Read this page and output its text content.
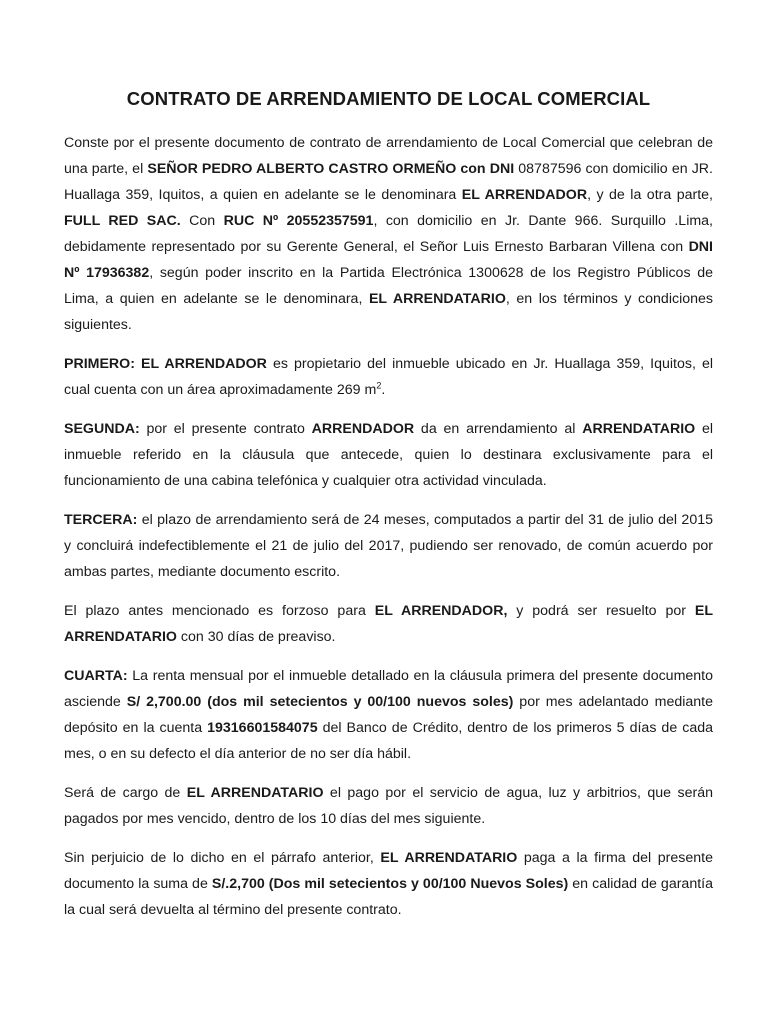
CONTRATO DE ARRENDAMIENTO DE LOCAL COMERCIAL

Conste por el presente documento de contrato de arrendamiento de Local Comercial que celebran de una parte, el SEÑOR PEDRO ALBERTO CASTRO ORMEÑO con DNI 08787596 con domicilio en JR. Huallaga 359, Iquitos, a quien en adelante se le denominara EL ARRENDADOR, y de la otra parte, FULL RED SAC. Con RUC Nº 20552357591, con domicilio en Jr. Dante 966. Surquillo .Lima, debidamente representado por su Gerente General, el Señor Luis Ernesto Barbaran Villena con DNI Nº 17936382, según poder inscrito en la Partida Electrónica 1300628 de los Registro Públicos de Lima, a quien en adelante se le denominara, EL ARRENDATARIO, en los términos y condiciones siguientes.

PRIMERO: EL ARRENDADOR es propietario del inmueble ubicado en Jr. Huallaga 359, Iquitos, el cual cuenta con un área aproximadamente 269 $m^2$.

SEGUNDA: por el presente contrato ARRENDADOR da en arrendamiento al ARRENDATARIO el inmueble referido en la cláusula que antecede, quien lo destinara exclusivamente para el funcionamiento de una cabina telefónica y cualquier otra actividad vinculada.

TERCERA: el plazo de arrendamiento será de 24 meses, computados a partir del 31 de julio del 2015 y concluirá indefectiblemente el 21 de julio del 2017, pudiendo ser renovado, de común acuerdo por ambas partes, mediante documento escrito.

El plazo antes mencionado es forzoso para EL ARRENDADOR, y podrá ser resuelto por EL ARRENDATARIO con 30 días de preaviso.

CUARTA: La renta mensual por el inmueble detallado en la cláusula primera del presente documento asciende S/ 2,700.00 (dos mil setecientos y 00/100 nuevos soles) por mes adelantado mediante depósito en la cuenta 19316601584075 del Banco de Crédito, dentro de los primeros 5 días de cada mes, o en su defecto el día anterior de no ser día hábil.

Será de cargo de EL ARRENDATARIO el pago por el servicio de agua, luz y arbitrios, que serán pagados por mes vencido, dentro de los 10 días del mes siguiente.

Sin perjuicio de lo dicho en el párrafo anterior, EL ARRENDATARIO paga a la firma del presente documento la suma de S/.2,700 (Dos mil setecientos y 00/100 Nuevos Soles) en calidad de garantía la cual será devuelta al término del presente contrato.
